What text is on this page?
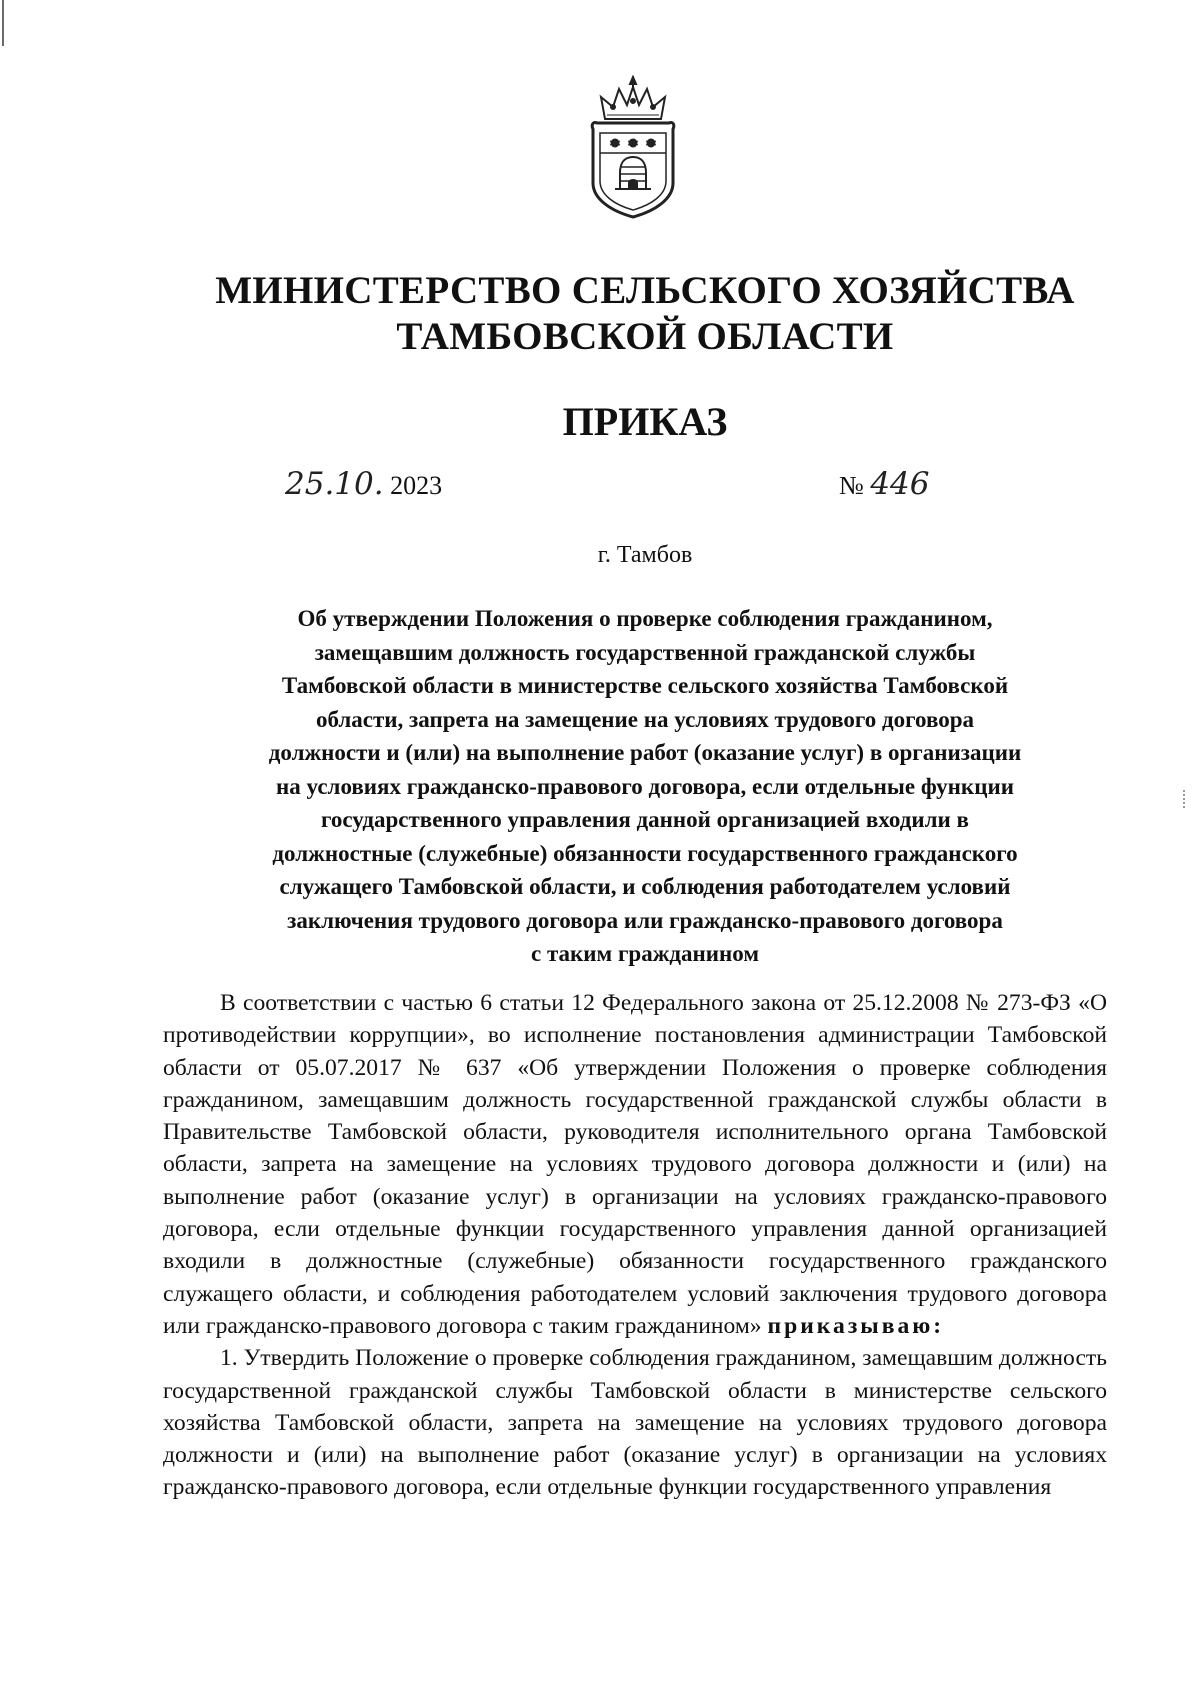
МИНИСТЕРСТВО СЕЛЬСКОГО ХОЗЯЙСТВА
ТАМБОВСКОЙ ОБЛАСТИ
ПРИКАЗ
25.10. 2023	№ 446
г. Тамбов
Об утверждении Положения о проверке соблюдения гражданином,
замещавшим должность государственной гражданской службы
Тамбовской области в министерстве сельского хозяйства Тамбовской
области, запрета на замещение на условиях трудового договора
должности и (или) на выполнение работ (оказание услуг) в организации
на условиях гражданско-правового договора, если отдельные функции
государственного управления данной организацией входили в
должностные (служебные) обязанности государственного гражданского
служащего Тамбовской области, и соблюдения работодателем условий
заключения трудового договора или гражданско-правового договора
с таким гражданином

В соответствии с частью 6 статьи 12 Федерального закона от 25.12.2008 № 273-ФЗ «О противодействии коррупции», во исполнение постановления администрации Тамбовской области от 05.07.2017 № 637 «Об утверждении Положения о проверке соблюдения гражданином, замещавшим должность государственной гражданской службы области в Правительстве Тамбовской области, руководителя исполнительного органа Тамбовской области, запрета на замещение на условиях трудового договора должности и (или) на выполнение работ (оказание услуг) в организации на условиях гражданско-правового договора, если отдельные функции государственного управления данной организацией входили в должностные (служебные) обязанности государственного гражданского служащего области, и соблюдения работодателем условий заключения трудового договора или гражданско-правового договора с таким гражданином» приказываю:

1. Утвердить Положение о проверке соблюдения гражданином, замещавшим должность государственной гражданской службы Тамбовской области в министерстве сельского хозяйства Тамбовской области, запрета на замещение на условиях трудового договора должности и (или) на выполнение работ (оказание услуг) в организации на условиях гражданско-правового договора, если отдельные функции государственного управления
